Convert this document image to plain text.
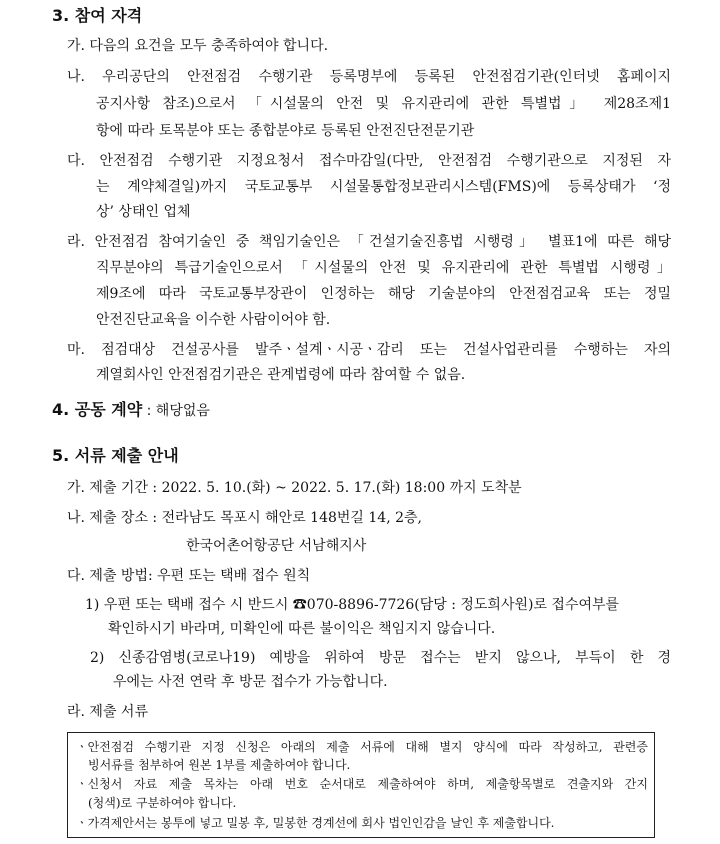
3. 참여 자격
가. 다음의 요건을 모두 충족하여야 합니다.
나. 우리공단의 안전점검 수행기관 등록명부에 등록된 안전점검기관(인터넷 홈페이지
공지사항 참조)으로서 「시설물의 안전 및 유지관리에 관한 특별법」 제28조제1
항에 따라 토목분야 또는 종합분야로 등록된 안전진단전문기관
다. 안전점검 수행기관 지정요청서 접수마감일(다만, 안전점검 수행기관으로 지정된 자
는 계약체결일)까지 국토교통부 시설물통합정보관리시스템(FMS)에 등록상태가 ‘정
상’ 상태인 업체
라. 안전점검 참여기술인 중 책임기술인은 「건설기술진흥법 시행령」 별표1에 따른 해당
직무분야의 특급기술인으로서 「시설물의 안전 및 유지관리에 관한 특별법 시행령」
제9조에 따라 국토교통부장관이 인정하는 해당 기술분야의 안전점검교육 또는 정밀
안전진단교육을 이수한 사람이어야 함.
마. 점검대상 건설공사를 발주ㆍ설계ㆍ시공ㆍ감리 또는 건설사업관리를 수행하는 자의
계열회사인 안전점검기관은 관계법령에 따라 참여할 수 없음.
4. 공동 계약 : 해당없음
5. 서류 제출 안내
가. 제출 기간 : 2022. 5. 10.(화) ~ 2022. 5. 17.(화) 18:00 까지 도착분
나. 제출 장소 : 전라남도 목포시 해안로 148번길 14, 2층,
한국어촌어항공단 서남해지사
다. 제출 방법: 우편 또는 택배 접수 원칙
1) 우편 또는 택배 접수 시 반드시 ☎070-8896-7726(담당 : 정도희사원)로 접수여부를
확인하시기 바라며, 미확인에 따른 불이익은 책임지지 않습니다.
2) 신종감염병(코로나19) 예방을 위하여 방문 접수는 받지 않으나, 부득이 한 경
우에는 사전 연락 후 방문 접수가 가능합니다.
라. 제출 서류
ㆍ안전점검 수행기관 지정 신청은 아래의 제출 서류에 대해 별지 양식에 따라 작성하고, 관련증
빙서류를 첨부하여 원본 1부를 제출하여야 합니다.
ㆍ신청서 자료 제출 목차는 아래 번호 순서대로 제출하여야 하며, 제출항목별로 견출지와 간지
(청색)로 구분하여야 합니다.
ㆍ가격제안서는 봉투에 넣고 밀봉 후, 밀봉한 경계선에 회사 법인인감을 날인 후 제출합니다.
